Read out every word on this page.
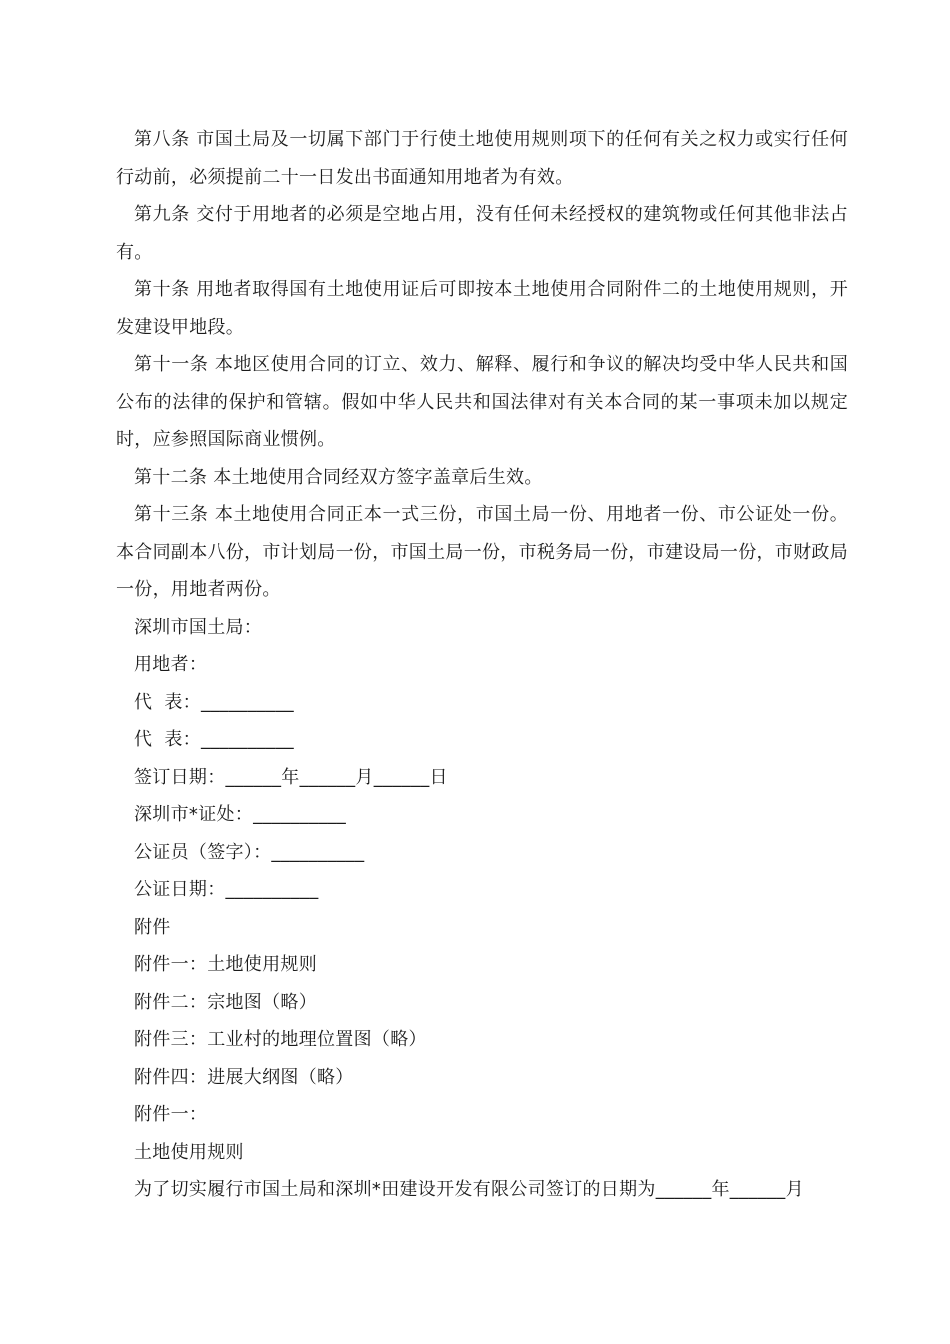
第八条 市国土局及一切属下部门于行使土地使用规则项下的任何有关之权力或实行任何行动前，必须提前二十一日发出书面通知用地者为有效。

第九条 交付于用地者的必须是空地占用，没有任何未经授权的建筑物或任何其他非法占有。

第十条 用地者取得国有土地使用证后可即按本土地使用合同附件二的土地使用规则，开发建设甲地段。

第十一条 本地区使用合同的订立、效力、解释、履行和争议的解决均受中华人民共和国公布的法律的保护和管辖。假如中华人民共和国法律对有关本合同的某一事项未加以规定时，应参照国际商业惯例。

第十二条 本土地使用合同经双方签字盖章后生效。

第十三条 本土地使用合同正本一式三份，市国土局一份、用地者一份、市公证处一份。本合同副本八份，市计划局一份，市国土局一份，市税务局一份，市建设局一份，市财政局一份，用地者两份。

深圳市国土局：

用地者：

代  表：__________

代  表：__________

签订日期：______年______月______日

深圳市*证处：__________

公证员（签字）：__________

公证日期：__________

附件

附件一：土地使用规则

附件二：宗地图（略）

附件三：工业村的地理位置图（略）

附件四：进展大纲图（略）

附件一：

土地使用规则

为了切实履行市国土局和深圳*田建设开发有限公司签订的日期为______年______月
